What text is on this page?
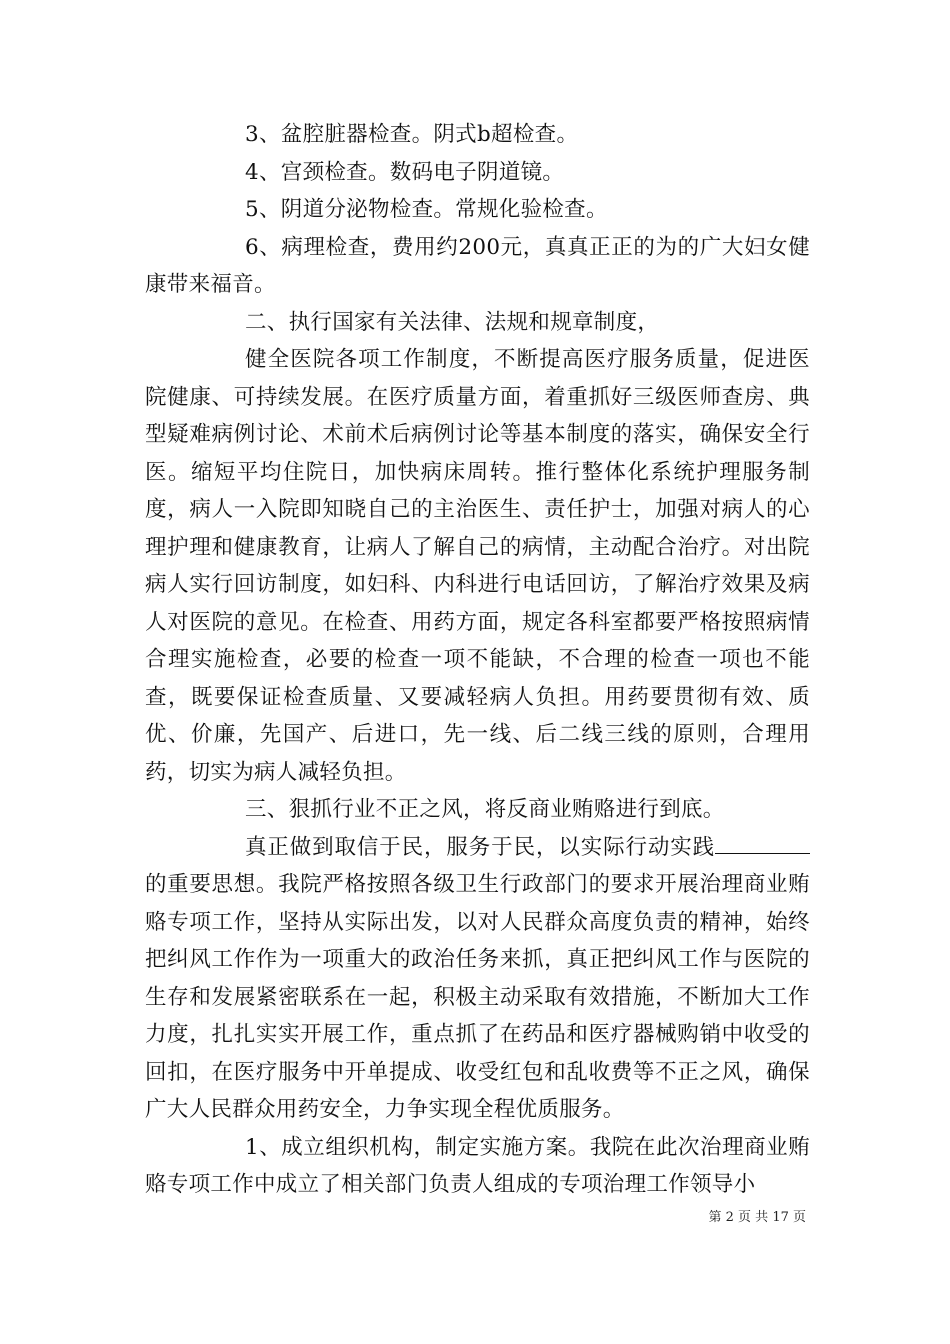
3、盆腔脏器检查。阴式b超检查。

4、宫颈检查。数码电子阴道镜。

5、阴道分泌物检查。常规化验检查。

6、病理检查，费用约200元，真真正正的为的广大妇女健康带来福音。

二、执行国家有关法律、法规和规章制度，

健全医院各项工作制度，不断提高医疗服务质量，促进医院健康、可持续发展。在医疗质量方面，着重抓好三级医师查房、典型疑难病例讨论、术前术后病例讨论等基本制度的落实，确保安全行医。缩短平均住院日，加快病床周转。推行整体化系统护理服务制度，病人一入院即知晓自己的主治医生、责任护士，加强对病人的心理护理和健康教育，让病人了解自己的病情，主动配合治疗。对出院病人实行回访制度，如妇科、内科进行电话回访，了解治疗效果及病人对医院的意见。在检查、用药方面，规定各科室都要严格按照病情合理实施检查，必要的检查一项不能缺，不合理的检查一项也不能查，既要保证检查质量、又要减轻病人负担。用药要贯彻有效、质优、价廉，先国产、后进口，先一线、后二线三线的原则，合理用药，切实为病人减轻负担。

三、狠抓行业不正之风，将反商业贿赂进行到底。

真正做到取信于民，服务于民，以实际行动实践的重要思想。我院严格按照各级卫生行政部门的要求开展治理商业贿赂专项工作，坚持从实际出发，以对人民群众高度负责的精神，始终把纠风工作作为一项重大的政治任务来抓，真正把纠风工作与医院的生存和发展紧密联系在一起，积极主动采取有效措施，不断加大工作力度，扎扎实实开展工作，重点抓了在药品和医疗器械购销中收受的回扣，在医疗服务中开单提成、收受红包和乱收费等不正之风，确保广大人民群众用药安全，力争实现全程优质服务。

1、成立组织机构，制定实施方案。我院在此次治理商业贿赂专项工作中成立了相关部门负责人组成的专项治理工作领导小

第 2 页 共 17 页
